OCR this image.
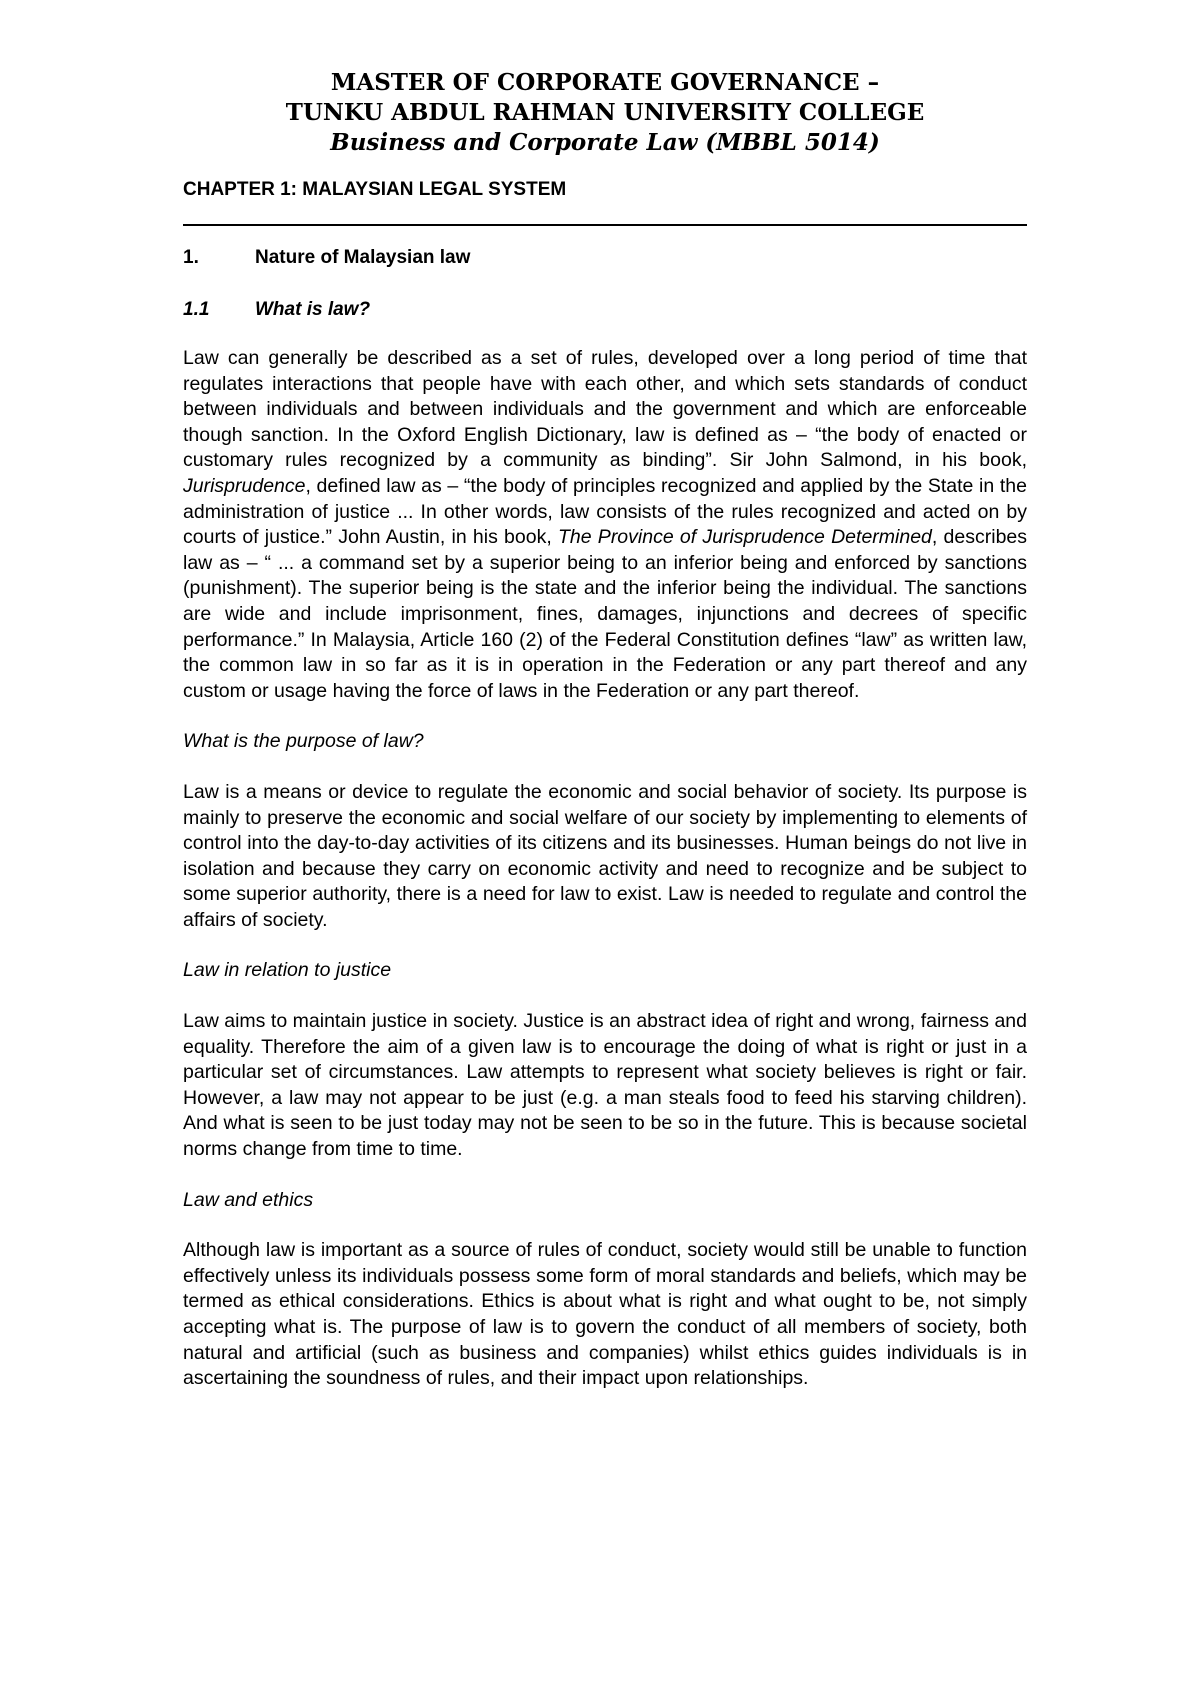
MASTER OF CORPORATE GOVERNANCE –
TUNKU ABDUL RAHMAN UNIVERSITY COLLEGE
Business and Corporate Law (MBBL 5014)
CHAPTER 1: MALAYSIAN LEGAL SYSTEM
1.	Nature of Malaysian law
1.1	What is law?

Law can generally be described as a set of rules, developed over a long period of time that regulates interactions that people have with each other, and which sets standards of conduct between individuals and between individuals and the government and which are enforceable though sanction. In the Oxford English Dictionary, law is defined as – “the body of enacted or customary rules recognized by a community as binding”. Sir John Salmond, in his book, Jurisprudence, defined law as – “the body of principles recognized and applied by the State in the administration of justice ... In other words, law consists of the rules recognized and acted on by courts of justice.” John Austin, in his book, The Province of Jurisprudence Determined, describes law as – “ ... a command set by a superior being to an inferior being and enforced by sanctions (punishment). The superior being is the state and the inferior being the individual. The sanctions are wide and include imprisonment, fines, damages, injunctions and decrees of specific performance.” In Malaysia, Article 160 (2) of the Federal Constitution defines “law” as written law, the common law in so far as it is in operation in the Federation or any part thereof and any custom or usage having the force of laws in the Federation or any part thereof.

What is the purpose of law?

Law is a means or device to regulate the economic and social behavior of society. Its purpose is mainly to preserve the economic and social welfare of our society by implementing to elements of control into the day-to-day activities of its citizens and its businesses. Human beings do not live in isolation and because they carry on economic activity and need to recognize and be subject to some superior authority, there is a need for law to exist. Law is needed to regulate and control the affairs of society.

Law in relation to justice

Law aims to maintain justice in society. Justice is an abstract idea of right and wrong, fairness and equality. Therefore the aim of a given law is to encourage the doing of what is right or just in a particular set of circumstances. Law attempts to represent what society believes is right or fair. However, a law may not appear to be just (e.g. a man steals food to feed his starving children). And what is seen to be just today may not be seen to be so in the future. This is because societal norms change from time to time.

Law and ethics

Although law is important as a source of rules of conduct, society would still be unable to function effectively unless its individuals possess some form of moral standards and beliefs, which may be termed as ethical considerations. Ethics is about what is right and what ought to be, not simply accepting what is. The purpose of law is to govern the conduct of all members of society, both natural and artificial (such as business and companies) whilst ethics guides individuals is in ascertaining the soundness of rules, and their impact upon relationships.
